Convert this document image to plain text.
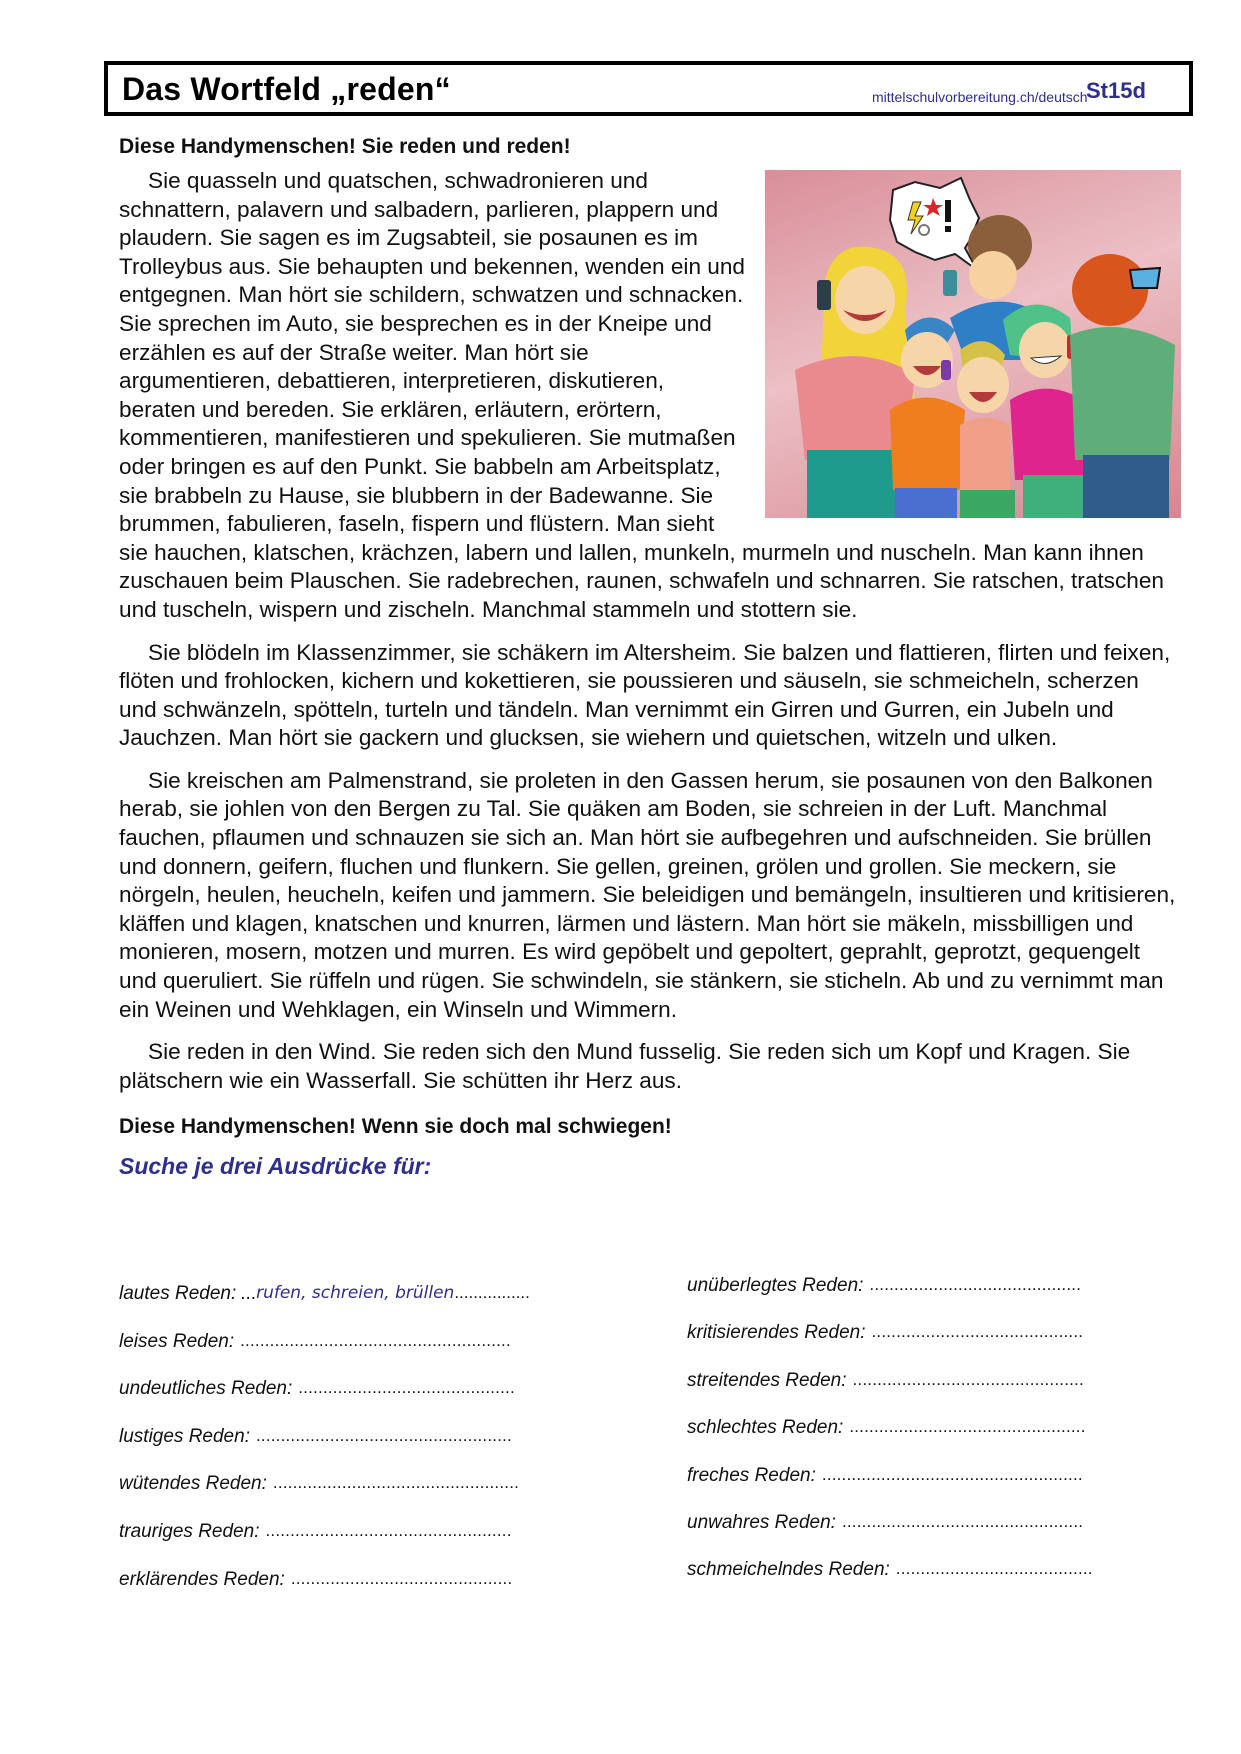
Das Wortfeld „reden“	mittelschulvorbereitung.ch/deutsch
St15d
Diese Handymenschen! Sie reden und reden!

Sie quasseln und quatschen, schwadronieren und schnattern, palavern und salbadern, parlieren, plappern und plaudern. Sie sagen es im Zugsabteil, sie posaunen es im Trolleybus aus. Sie behaupten und bekennen, wenden ein und entgegnen. Man hört sie schildern, schwatzen und schnacken. Sie sprechen im Auto, sie besprechen es in der Kneipe und erzählen es auf der Straße weiter. Man hört sie argumentieren, debattieren, interpretieren, diskutieren, beraten und bereden. Sie erklären, erläutern, erörtern, kommentieren, manifestieren und spekulieren. Sie mutmaßen oder bringen es auf den Punkt. Sie babbeln am Arbeitsplatz, sie brabbeln zu Hause, sie blubbern in der Badewanne. Sie brummen, fabulieren, faseln, fispern und flüstern. Man sieht sie hauchen, klatschen, krächzen, labern und lallen, munkeln, murmeln und nuscheln. Man kann ihnen zuschauen beim Plauschen. Sie radebrechen, raunen, schwafeln und schnarren. Sie ratschen, tratschen und tuscheln, wispern und zischeln. Manchmal stammeln und stottern sie.

Sie blödeln im Klassenzimmer, sie schäkern im Altersheim. Sie balzen und flattieren, flirten und feixen, flöten und frohlocken, kichern und kokettieren, sie poussieren und säuseln, sie schmeicheln, scherzen und schwänzeln, spötteln, turteln und tändeln. Man vernimmt ein Girren und Gurren, ein Jubeln und Jauchzen. Man hört sie gackern und glucksen, sie wiehern und quietschen, witzeln und ulken.

Sie kreischen am Palmenstrand, sie proleten in den Gassen herum, sie posaunen von den Balkonen herab, sie johlen von den Bergen zu Tal. Sie quäken am Boden, sie schreien in der Luft. Manchmal fauchen, pflaumen und schnauzen sie sich an. Man hört sie aufbegehren und aufschneiden. Sie brüllen und donnern, geifern, fluchen und flunkern. Sie gellen, greinen, grölen und grollen. Sie meckern, sie nörgeln, heulen, heucheln, keifen und jammern. Sie beleidigen und bemängeln, insultieren und kritisieren, kläffen und klagen, knatschen und knurren, lärmen und lästern. Man hört sie mäkeln, missbilligen und monieren, mosern, motzen und murren. Es wird gepöbelt und gepoltert, geprahlt, geprotzt, gequengelt und queruliert. Sie rüffeln und rügen. Sie schwindeln, sie stänkern, sie sticheln. Ab und zu vernimmt man ein Weinen und Wehklagen, ein Winseln und Wimmern.

Sie reden in den Wind. Sie reden sich den Mund fusselig. Sie reden sich um Kopf und Kragen. Sie plätschern wie ein Wasserfall. Sie schütten ihr Herz aus.

Diese Handymenschen! Wenn sie doch mal schwiegen!
Suche je drei Ausdrücke für:
lautes Reden: ... rufen, schreien, brüllen ................
leises Reden: .......................................................
undeutliches Reden: ............................................
lustiges Reden: ....................................................
wütendes Reden: ..................................................
trauriges Reden: ..................................................
erklärendes Reden: .............................................
unüberlegtes Reden: ...........................................
kritisierendes Reden: ...........................................
streitendes Reden: ...............................................
schlechtes Reden: ................................................
freches Reden: .....................................................
unwahres Reden: .................................................
schmeichelndes Reden: ........................................
